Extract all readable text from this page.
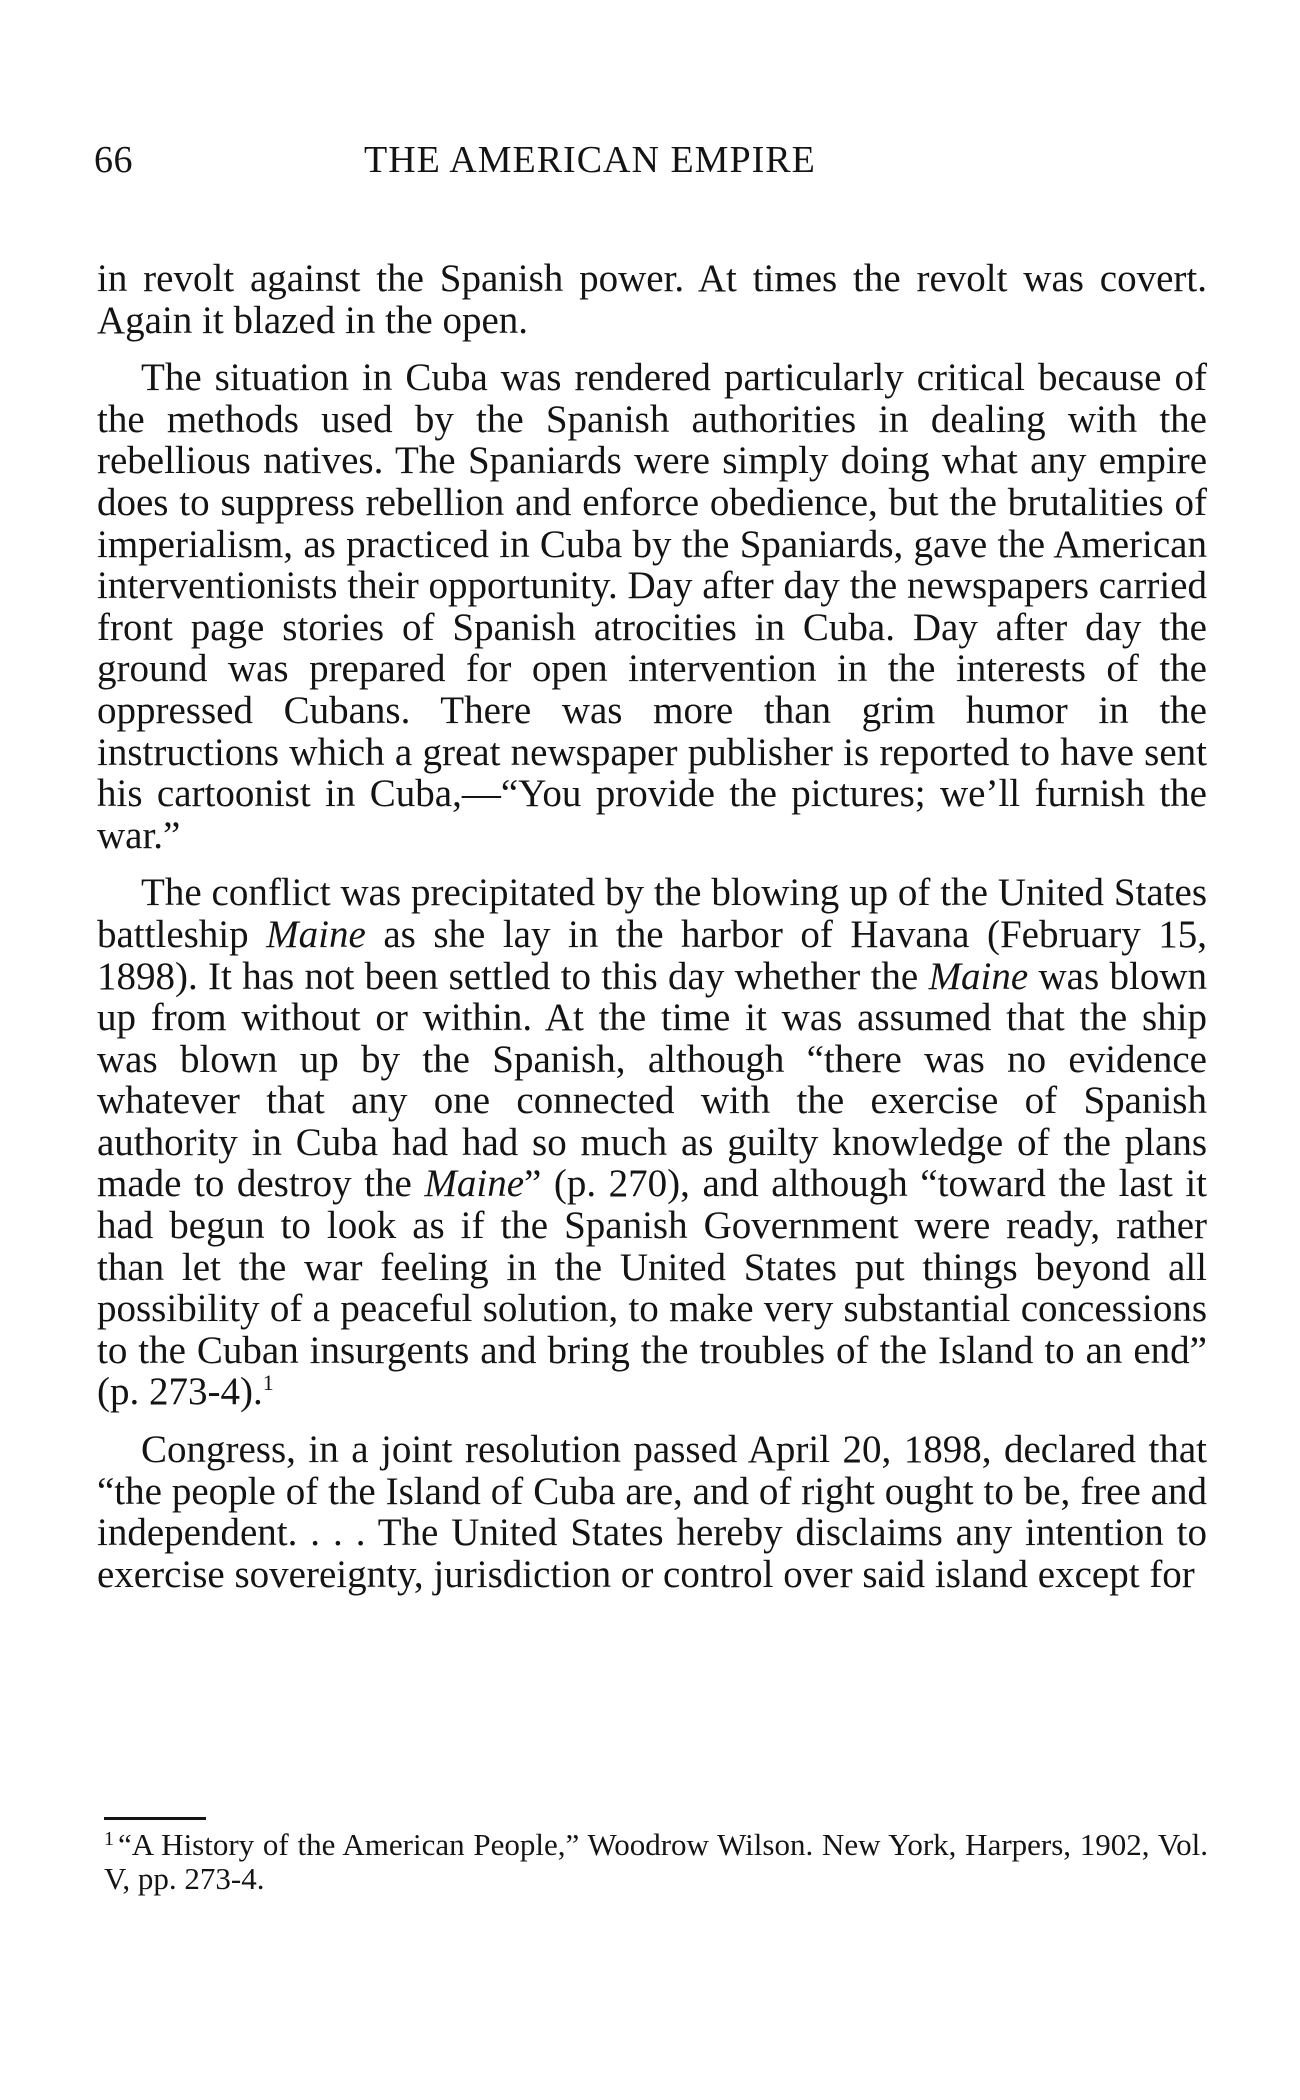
66	THE AMERICAN EMPIRE

in revolt against the Spanish power. At times the revolt was covert. Again it blazed in the open.

The situation in Cuba was rendered particularly critical because of the methods used by the Spanish authorities in dealing with the rebellious natives. The Spaniards were simply doing what any empire does to suppress rebellion and enforce obedience, but the brutalities of imperialism, as practiced in Cuba by the Spaniards, gave the American interventionists their opportunity. Day after day the newspapers carried front page stories of Spanish atrocities in Cuba. Day after day the ground was prepared for open intervention in the interests of the oppressed Cubans. There was more than grim humor in the instructions which a great newspaper publisher is reported to have sent his cartoonist in Cuba,—“You provide the pictures; we’ll furnish the war.”

The conflict was precipitated by the blowing up of the United States battleship Maine as she lay in the harbor of Havana (February 15, 1898). It has not been settled to this day whether the Maine was blown up from without or within. At the time it was assumed that the ship was blown up by the Spanish, although “there was no evidence whatever that any one connected with the exercise of Spanish authority in Cuba had had so much as guilty knowledge of the plans made to destroy the Maine” (p. 270), and although “toward the last it had begun to look as if the Spanish Government were ready, rather than let the war feeling in the United States put things beyond all possibility of a peaceful solution, to make very substantial concessions to the Cuban insurgents and bring the troubles of the Island to an end” (p. 273-4).$^1$

Congress, in a joint resolution passed April 20, 1898, declared that “the people of the Island of Cuba are, and of right ought to be, free and independent. . . . The United States hereby disclaims any intention to exercise sovereignty, jurisdiction or control over said island except for

$^1$ “A History of the American People,” Woodrow Wilson. New York, Harpers, 1902, Vol. V, pp. 273-4.
